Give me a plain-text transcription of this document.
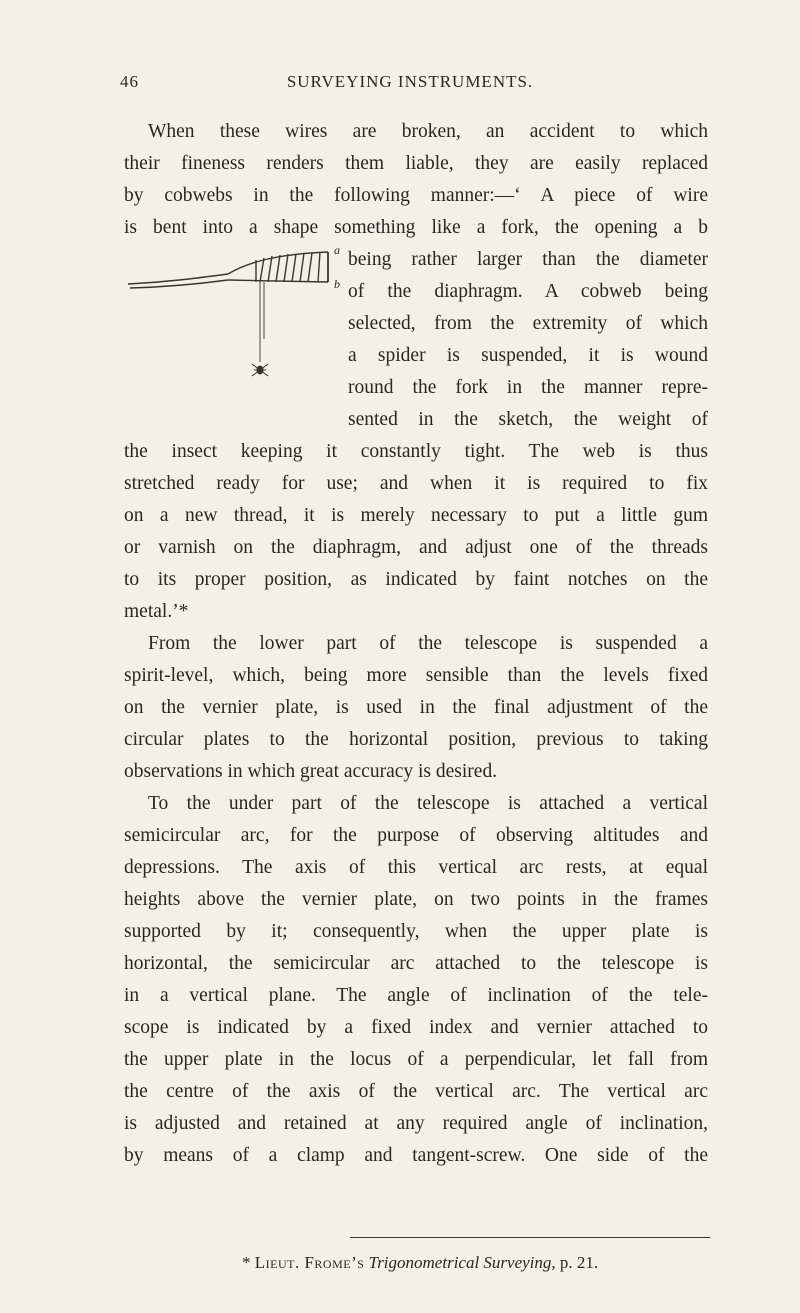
46	SURVEYING INSTRUMENTS.
When these wires are broken, an accident to which
their fineness renders them liable, they are easily replaced
by cobwebs in the following manner:—‘ A piece of wire
is bent into a shape something like a fork, the opening a b
being rather larger than the diameter
of the diaphragm. A cobweb being
selected, from the extremity of which
a spider is suspended, it is wound
round the fork in the manner repre-
sented in the sketch, the weight of
the insect keeping it constantly tight. The web is thus
stretched ready for use; and when it is required to fix
on a new thread, it is merely necessary to put a little gum
or varnish on the diaphragm, and adjust one of the threads
to its proper position, as indicated by faint notches on the
metal.’*
From the lower part of the telescope is suspended a
spirit-level, which, being more sensible than the levels fixed
on the vernier plate, is used in the final adjustment of the
circular plates to the horizontal position, previous to taking
observations in which great accuracy is desired.
To the under part of the telescope is attached a vertical
semicircular arc, for the purpose of observing altitudes and
depressions. The axis of this vertical arc rests, at equal
heights above the vernier plate, on two points in the frames
supported by it; consequently, when the upper plate is
horizontal, the semicircular arc attached to the telescope is
in a vertical plane. The angle of inclination of the tele-
scope is indicated by a fixed index and vernier attached to
the upper plate in the locus of a perpendicular, let fall from
the centre of the axis of the vertical arc. The vertical arc
is adjusted and retained at any required angle of inclination,
by means of a clamp and tangent-screw. One side of the
a
b
* Lieut. Frome’s Trigonometrical Surveying, p. 21.
